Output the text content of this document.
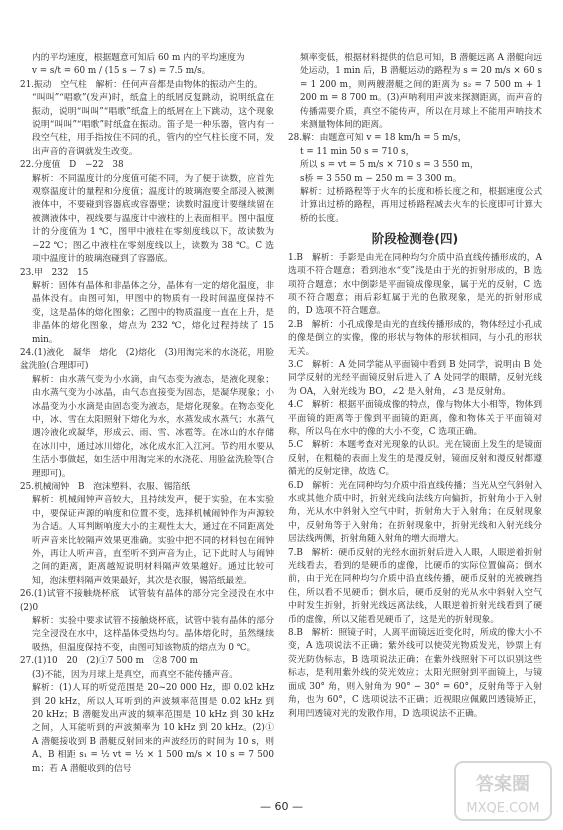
内的平均速度，根据题意可知后 60 m 内的平均速度为

v = s/t = 60 m / (15 s − 7 s) = 7.5 m/s。

21.振动　空气柱　解析：任何声音都是由物体的振动产生的。

“叫叫”“唱歌”(发声)时，纸盒上的纸屑反复跳动，说明纸盒在振动，说明“叫叫”“唱歌”纸盒上的纸屑在上下跳动，这个现象说明“叫叫”“唱歌”时纸盒在振动。笛子是一种乐器，管内有一段空气柱，用手指按住不同的孔，管内的空气柱长度不同，发出声音的音调就发生改变。

22.分度值　D　−22　38

解析：不同温度计的分度值可能不同，为了便于读数，应首先观察温度计的量程和分度值；温度计的玻璃泡要全部浸入被测液体中，不要碰到容器底或容器壁；读数时温度计要继续留在被测液体中，视线要与温度计中液柱的上表面相平。图中温度计的分度值为 1 ℃，图甲中液柱在零刻度线以下，故读数为 −22 ℃；图乙中液柱在零刻度线以上，读数为 38 ℃。C 选项中温度计的玻璃泡碰到了容器底。

23.甲　232　15

解析：固体有晶体和非晶体之分，晶体有一定的熔化温度，非晶体没有。由图可知，甲图中的物质有一段时间温度保持不变，这是晶体的熔化图象；乙图中的物质温度一直在上升，是非晶体的熔化图象，熔点为 232 ℃，熔化过程持续了 15 min。

24.(1)液化　凝华　熔化　(2)熔化　(3)用淘完米的水浇花，用脸盆洗脸(合理即可)

解析：由水蒸气变为小水滴，由气态变为液态，是液化现象；由水蒸气变为小冰晶，由气态直接变为固态，是凝华现象；小冰晶变为小水滴是由固态变为液态，是熔化现象。在物态变化中，冰、雪在太阳照射下熔化为水，水蒸发成水蒸气；水蒸气遇冷液化或凝华，形成云、雨、雪、冰雹等。在冰山的水存储在冰川中，通过冰川熔化，冰化成水汇入江河。节约用水要从生活小事做起，如生活中用淘完米的水浇花、用脸盆洗脸等(合理即可)。

25.机械闹钟　B　泡沫塑料、衣服、锡箔纸

解析：机械闹钟声音较大，且持续发声，便于实验，在本实验中，要保证声源的响度和位置不变，选择机械闹钟作为声源较为合适。人耳判断响度大小的主观性太大，通过在不同距离处听声音来比较隔声效果更准确。实验中把不同的材料包在闹钟外，再让人听声音，直至听不到声音为止，记下此时人与闹钟之间的距离，距离越短说明材料隔声效果越好。通过比较可知，泡沫塑料隔声效果最好，其次是衣服，锡箔纸最差。

26.(1)试管不接触烧杯底　试管装有晶体的部分完全浸没在水中　(2)0

解析：实验中要求试管不接触烧杯底，试管中装有晶体的部分完全浸没在水中，这样晶体受热均匀。晶体熔化时，虽然继续吸热，但温度保持不变，由图可知该物质的熔点为 0 ℃。

27.(1)10　20　(2)①7 500 m　②8 700 m

(3)不能，因为月球上是真空，而真空不能传播声音。

解析：(1)人耳的听觉范围是 20~20 000 Hz，即 0.02 kHz 到 20 kHz，所以人耳听到的声波频率范围是 0.02 kHz 到 20 kHz；B 潜艇发出声波的频率范围是 10 kHz 到 30 kHz 之间，人耳能听到的声波频率为 10 kHz 到 20 kHz。(2)① A 潜艇接收到 B 潜艇反射回来的声波经历的时间为 10 s，则 A、B 相距 s₁ = ½ vt = ½ × 1 500 m/s × 10 s = 7 500 m；若 A 潜艇收到的信号

频率变低，根据材料提供的信息可知，B 潜艇远离 A 潜艇向远处运动，1 min 后，B 潜艇运动的路程为 s = 20 m/s × 60 s = 1 200 m，则两艘潜艇之间的距离为 s₂ = 7 500 m + 1 200 m = 8 700 m。(3)声呐利用声波来探测距离，而声音的传播需要介质，真空不能传声，所以在月球上不能用声呐技术来测量物体间的距离。

28.解：由题意可知 v = 18 km/h = 5 m/s，

t = 11 min 50 s = 710 s，

所以 s = vt = 5 m/s × 710 s = 3 550 m，

s桥 = 3 550 m − 250 m = 3 300 m。

解析：过桥路程等于火车的长度和桥长度之和，根据速度公式计算出过桥的路程，再用过桥路程减去火车的长度即可计算大桥的长度。

阶段检测卷(四)

1.B　解析：手影是由光在同种均匀介质中沿直线传播形成的，A 选项不符合题意；看到池水“变”浅是由于光的折射形成的，B 选项符合题意；水中倒影是平面镜成像现象，属于光的反射，C 选项不符合题意；雨后彩虹属于光的色散现象，是光的折射形成的，D 选项不符合题意。

2.B　解析：小孔成像是由光的直线传播形成的，物体经过小孔成的像是倒立的实像，像的形状与物体的形状相同，与小孔的形状无关。

3.C　解析：A 处同学能从平面镜中看到 B 处同学，说明由 B 处同学反射的光经平面镜反射后进入了 A 处同学的眼睛，反射光线为 OA，入射光线为 BO，∠2 是入射角，∠3 是反射角。

4.C　解析：根据平面镜成像的特点，像与物体大小相等，物体到平面镜的距离等于像到平面镜的距离，像和物体关于平面镜对称，所以鸟在水中的像的大小不变，C 选项正确。

5.C　解析：本题考查对光现象的认识。光在镜面上发生的是镜面反射，在粗糙的表面上发生的是漫反射，镜面反射和漫反射都遵循光的反射定律，故选 C。

6.D　解析：光在同种均匀介质中沿直线传播；当光从空气斜射入水或其他介质中时，折射光线向法线方向偏折，折射角小于入射角，光从水中斜射入空气中时，折射角大于入射角；在反射现象中，反射角等于入射角；在折射现象中，折射光线和入射光线分居法线两侧，折射角随入射角的增大而增大。

7.B　解析：硬币反射的光经水面折射后进入人眼，人眼逆着折射光线看去，看到的是硬币的虚像，比硬币的实际位置偏高；倒水前，由于光在同种均匀介质中沿直线传播，硬币反射的光被碗挡住，所以看不见硬币；倒水后，硬币反射的光从水中斜射入空气中时发生折射，折射光线远离法线，人眼逆着折射光线看到了硬币的虚像，所以又能看见硬币了，这是光的折射现象。

8.B　解析：照镜子时，人离平面镜远近变化时，所成的像大小不变，A 选项说法不正确；紫外线可以使荧光物质发光，钞票上有荧光防伪标志，B 选项说法正确；在紫外线照射下可以识别这些标志，是利用紫外线的荧光效应；太阳光照射到平面镜上，与镜面成 30° 角，则入射角为 90° − 30° = 60°，反射角等于入射角，也为 60°，C 选项说法不正确；近视眼应佩戴凹透镜矫正，利用凹透镜对光的发散作用，D 选项说法不正确。

— 60 —
答案圈
MXQE.COM
